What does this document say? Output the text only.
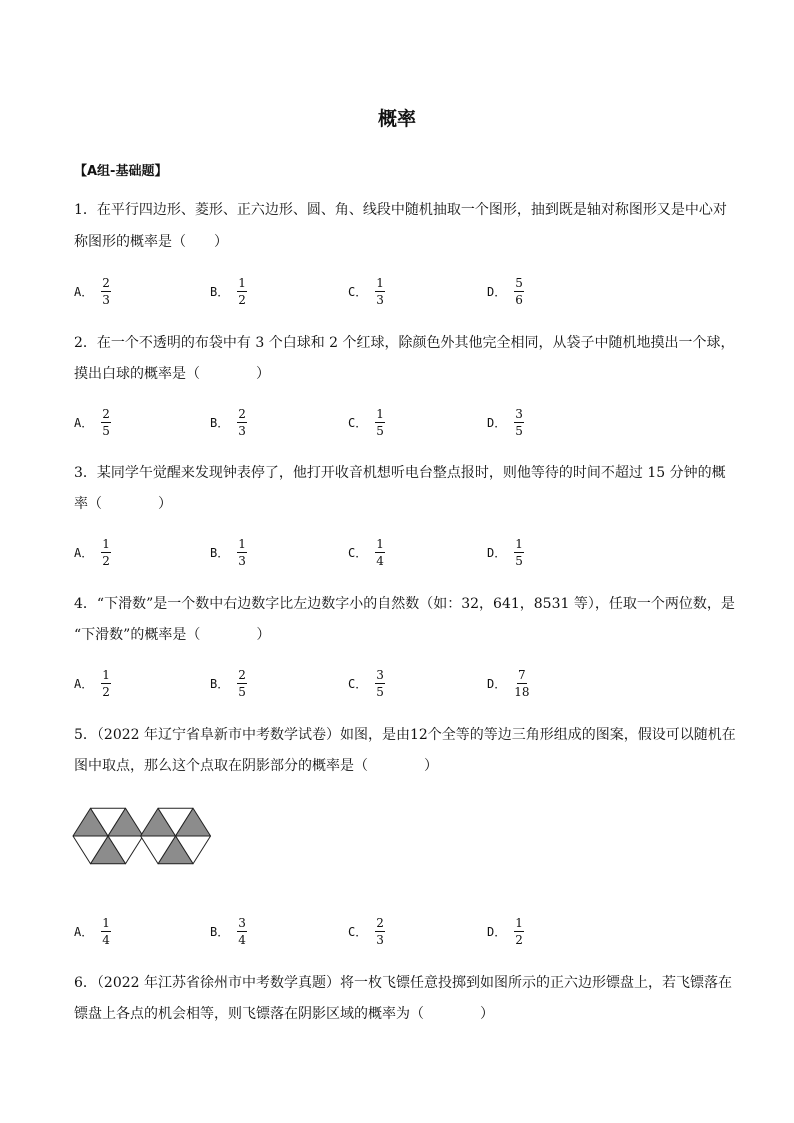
概率
【A组-基础题】
1．在平行四边形、菱形、正六边形、圆、角、线段中随机抽取一个图形，抽到既是轴对称图形又是中心对
称图形的概率是（　　）
A． $\frac{2}{3}$	B． $\frac{1}{2}$	C． $\frac{1}{3}$	D． $\frac{5}{6}$
2．在一个不透明的布袋中有 3 个白球和 2 个红球，除颜色外其他完全相同，从袋子中随机地摸出一个球，
摸出白球的概率是（　　　　）
A． $\frac{2}{5}$	B． $\frac{2}{3}$	C． $\frac{1}{5}$	D． $\frac{3}{5}$
3．某同学午觉醒来发现钟表停了，他打开收音机想听电台整点报时，则他等待的时间不超过 15 分钟的概
率（　　　　）
A． $\frac{1}{2}$	B． $\frac{1}{3}$	C． $\frac{1}{4}$	D． $\frac{1}{5}$
4．“下滑数”是一个数中右边数字比左边数字小的自然数（如：32，641，8531 等），任取一个两位数，是
“下滑数”的概率是（　　　　）
A． $\frac{1}{2}$	B． $\frac{2}{5}$	C． $\frac{3}{5}$	D． $\frac{7}{18}$
5．（2022 年辽宁省阜新市中考数学试卷）如图，是由12个全等的等边三角形组成的图案，假设可以随机在
图中取点，那么这个点取在阴影部分的概率是（　　　　）
A． $\frac{1}{4}$	B． $\frac{3}{4}$	C． $\frac{2}{3}$	D． $\frac{1}{2}$
6．（2022 年江苏省徐州市中考数学真题）将一枚飞镖任意投掷到如图所示的正六边形镖盘上，若飞镖落在
镖盘上各点的机会相等，则飞镖落在阴影区域的概率为（　　　　）
